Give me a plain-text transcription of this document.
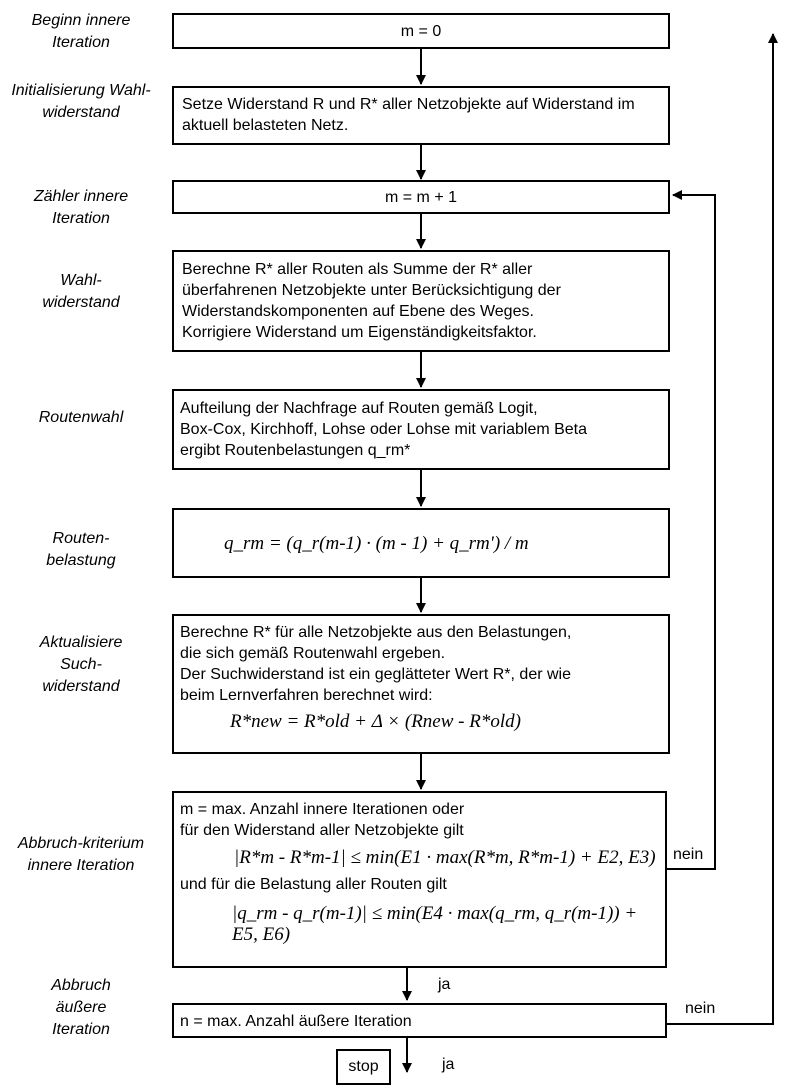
Beginn innere Iteration
Initialisierung Wahl-widerstand
Zähler innere Iteration
Wahl-widerstand
Routenwahl
Routen-belastung
Aktualisiere Such-widerstand
Abbruch-kriterium innere Iteration
Abbruch äußere Iteration
m = 0
Setze Widerstand R und R* aller Netzobjekte auf Widerstand im aktuell belasteten Netz.
m = m + 1
Berechne R* aller Routen als Summe der R* aller
überfahrenen Netzobjekte unter Berücksichtigung der
Widerstandskomponenten auf Ebene des Weges.
Korrigiere Widerstand um Eigenständigkeitsfaktor.
Aufteilung der Nachfrage auf Routen gemäß Logit,
Box-Cox, Kirchhoff, Lohse oder Lohse mit variablem Beta
ergibt Routenbelastungen q_rm*
q_rm = (q_r(m-1) · (m - 1) + q_rm') / m
Berechne R* für alle Netzobjekte aus den Belastungen,
die sich gemäß Routenwahl ergeben.
Der Suchwiderstand ist ein geglätteter Wert R*, der wie
beim Lernverfahren berechnet wird:
R*new = R*old + Δ × (Rnew - R*old)
m = max. Anzahl innere Iterationen oder
für den Widerstand aller Netzobjekte gilt
|R*m - R*m-1| ≤ min(E1 · max(R*m, R*m-1) + E2, E3)
und für die Belastung aller Routen gilt
|q_rm - q_r(m-1)| ≤ min(E4 · max(q_rm, q_r(m-1)) + E5, E6)
n = max. Anzahl äußere Iteration
stop
nein
ja
nein
ja
